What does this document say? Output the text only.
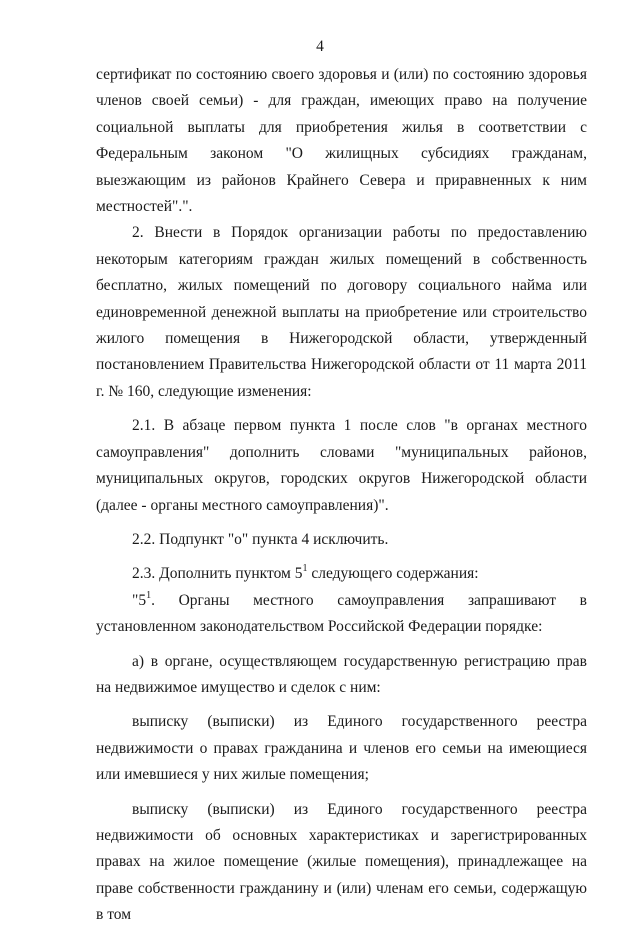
4

сертификат по состоянию своего здоровья и (или) по состоянию здоровья членов своей семьи) - для граждан, имеющих право на получение социальной выплаты для приобретения жилья в соответствии с Федеральным законом "О жилищных субсидиях гражданам, выезжающим из районов Крайнего Севера и приравненных к ним местностей".".

2. Внести в Порядок организации работы по предоставлению некоторым категориям граждан жилых помещений в собственность бесплатно, жилых помещений по договору социального найма или единовременной денежной выплаты на приобретение или строительство жилого помещения в Нижегородской области, утвержденный постановлением Правительства Нижегородской области от 11 марта 2011 г. № 160, следующие изменения:

2.1. В абзаце первом пункта 1 после слов "в органах местного самоуправления" дополнить словами "муниципальных районов, муниципальных округов, городских округов Нижегородской области (далее - органы местного самоуправления)".

2.2. Подпункт "о" пункта 4 исключить.

2.3. Дополнить пунктом $5^1$ следующего содержания:

"$5^1$. Органы местного самоуправления запрашивают в установленном законодательством Российской Федерации порядке:

а) в органе, осуществляющем государственную регистрацию прав на недвижимое имущество и сделок с ним:

выписку (выписки) из Единого государственного реестра недвижимости о правах гражданина и членов его семьи на имеющиеся или имевшиеся у них жилые помещения;

выписку (выписки) из Единого государственного реестра недвижимости об основных характеристиках и зарегистрированных правах на жилое помещение (жилые помещения), принадлежащее на праве собственности гражданину и (или) членам его семьи, содержащую в том
